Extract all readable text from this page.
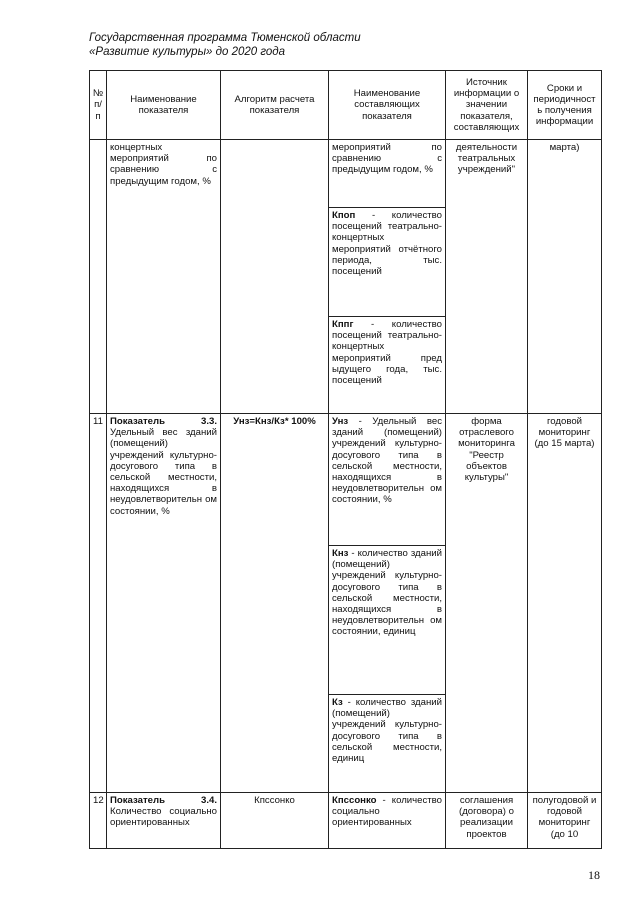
Государственная программа Тюменской области
«Развитие культуры» до 2020 года
№ п/ п	Наименование показателя	Алгоритм расчета показателя	Наименование составляющих показателя	Источник информации о значении показателя, составляющих	Сроки и периодичност ь получения информации
	концертных мероприятий по сравнению с предыдущим годом, %		мероприятий по сравнению с предыдущим годом, %	деятельности театральных учреждений"	марта)
			Кпоп - количество посещений театрально-концертных мероприятий отчётного периода, тыс. посещений		
			Кппг - количество посещений театрально-концертных мероприятий пред ыдущего года, тыс. посещений		
11	Показатель 3.3. Удельный вес зданий (помещений) учреждений культурно-досугового типа в сельской местности, находящихся в неудовлетворительн ом состоянии, %	Унз=Кнз/Кз* 100%	Унз - Удельный вес зданий (помещений) учреждений культурно-досугового типа в сельской местности, находящихся в неудовлетворительн ом состоянии, %	форма отраслевого мониторинга "Реестр объектов культуры"	годовой мониторинг (до 15 марта)
			Кнз - количество зданий (помещений) учреждений культурно-досугового типа в сельской местности, находящихся в неудовлетворительн ом состоянии, единиц		
			Кз - количество зданий (помещений) учреждений культурно-досугового типа в сельской местности, единиц		
12	Показатель 3.4. Количество социально ориентированных	Кпссонко	Кпссонко - количество социально ориентированных	соглашения (договора) о реализации проектов	полугодовой и годовой мониторинг (до 10
18
